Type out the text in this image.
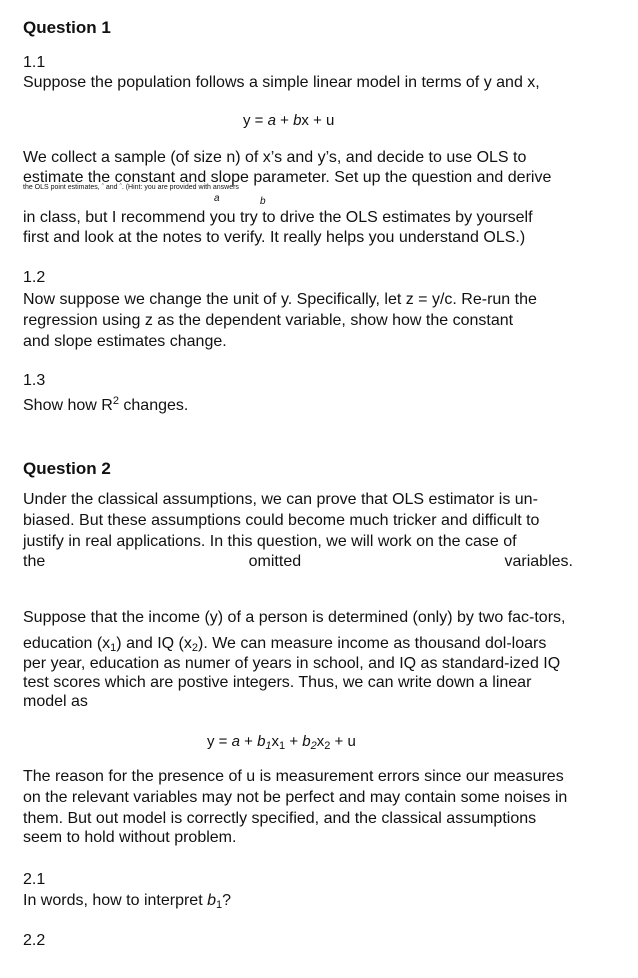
Question 1
1.1
Suppose the population follows a simple linear model in terms of y and x,
y = a + bx + u
We collect a sample (of size n) of x’s and y’s, and decide to use OLS to
estimate the constant and slope parameter. Set up the question and derive
the OLS point estimates, ˆ and ˆ. (Hint: you are provided with answers
a	b
in class, but I recommend you try to drive the OLS estimates by yourself
first and look at the notes to verify. It really helps you understand OLS.)
1.2
Now suppose we change the unit of y. Specifically, let z = y/c. Re-run the
regression using z as the dependent variable, show how the constant
and slope estimates change.
1.3
Show how $R^2$ changes.
Question 2
Under the classical assumptions, we can prove that OLS estimator is un-
biased. But these assumptions could become much tricker and difficult to
justify in real applications. In this question, we will work on the case of
the	omitted	variables.
Suppose that the income (y) of a person is determined (only) by two fac-tors,
education $(x_1)$ and IQ $(x_2)$. We can measure income as thousand dol-loars
per year, education as numer of years in school, and IQ as standard-ized IQ
test scores which are postive integers. Thus, we can write down a linear
model as
$y = a + b_1x_1 + b_2x_2 + u$
The reason for the presence of u is measurement errors since our measures
on the relevant variables may not be perfect and may contain some noises in
them. But out model is correctly specified, and the classical assumptions
seem to hold without problem.
2.1
In words, how to interpret $b_1$?
2.2
